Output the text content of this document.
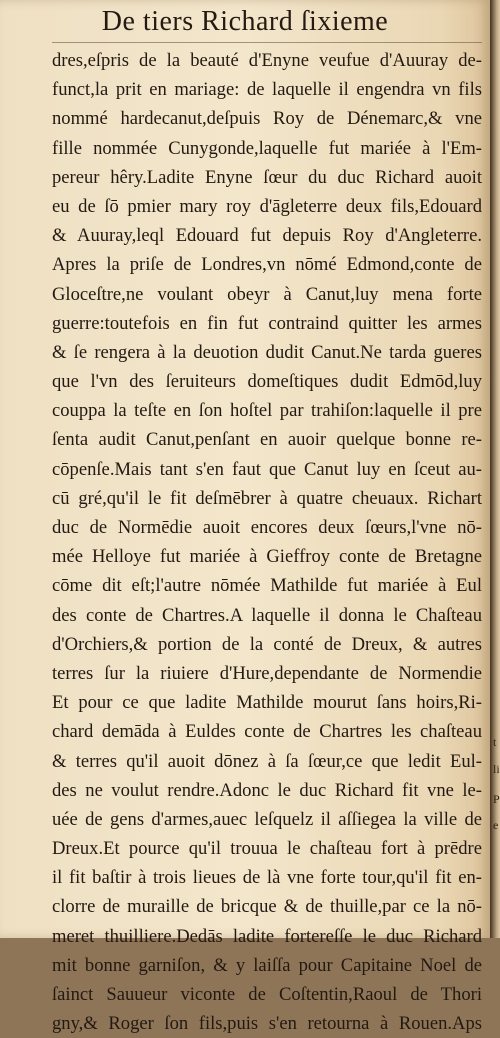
De tiers Richard ſixieme
dres,eſpris de la beauté d'Enyne veufue d'Auuray de-
funct,la prit en mariage: de laquelle il engendra vn fils
nommé hardecanut,deſpuis Roy de Dénemarc,& vne
fille nommée Cunygonde,laquelle fut mariée à l'Em-
pereur hêry.Ladite Enyne ſœur du duc Richard auoit
eu de ſō pmier mary roy d'āgleterre deux fils,Edouard
& Auuray,leql Edouard fut depuis Roy d'Angleterre.
Apres la priſe de Londres,vn nōmé Edmond,conte de
Gloceſtre,ne voulant obeyr à Canut,luy mena forte
guerre:toutefois en fin fut contraind quitter les armes
& ſe rengera à la deuotion dudit Canut.Ne tarda gueres
que l'vn des ſeruiteurs domeſtiques dudit Edmōd,luy
couppa la teſte en ſon hoſtel par trahiſon:laquelle il pre
ſenta audit Canut,penſant en auoir quelque bonne re-
cōpenſe.Mais tant s'en faut que Canut luy en ſceut au-
cū gré,qu'il le fit deſmēbrer à quatre cheuaux. Richart
duc de Normēdie auoit encores deux ſœurs,l'vne nō-
mée Helloye fut mariée à Gieffroy conte de Bretagne
cōme dit eſt;l'autre nōmée Mathilde fut mariée à Eul
des conte de Chartres.A laquelle il donna le Chaſteau
d'Orchiers,& portion de la conté de Dreux, & autres
terres ſur la riuiere d'Hure,dependante de Normendie
Et pour ce que ladite Mathilde mourut ſans hoirs,Ri-
chard demāda à Euldes conte de Chartres les chaſteau
& terres qu'il auoit dōnez à ſa ſœur,ce que ledit Eul-
des ne voulut rendre.Adonc le duc Richard fit vne le-
uée de gens d'armes,auec leſquelz il aſſiegea la ville de
Dreux.Et pource qu'il trouua le chaſteau fort à prēdre
il fit baſtir à trois lieues de là vne forte tour,qu'il fit en-
clorre de muraille de bricque & de thuille,par ce la nō-
meret thuilliere.Dedās ladite fortereſſe le duc Richard
mit bonne garniſon, & y laiſſa pour Capitaine Noel de
ſainct Sauueur viconte de Coſtentin,Raoul de Thori
gny,& Roger ſon fils,puis s'en retourna à Rouen.Aps
t
li
P
e
